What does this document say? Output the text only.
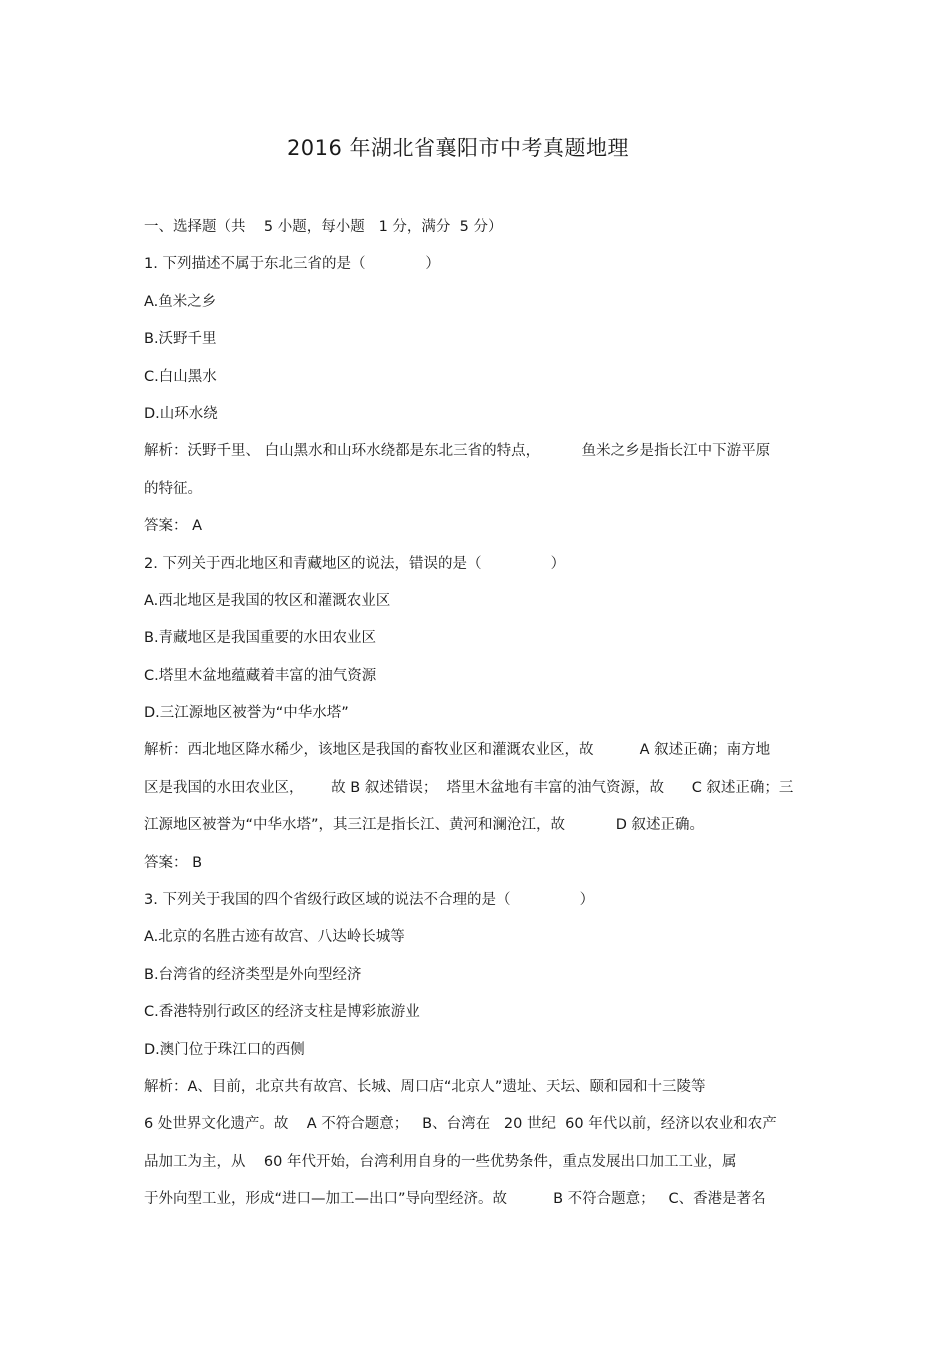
2016 年湖北省襄阳市中考真题地理
一、选择题（共    5 小题，每小题   1 分，满分  5 分）
1. 下列描述不属于东北三省的是（             ）
A.鱼米之乡
B.沃野千里
C.白山黑水
D.山环水绕
解析：沃野千里、 白山黑水和山环水绕都是东北三省的特点，         鱼米之乡是指长江中下游平原
的特征。
答案： A
2. 下列关于西北地区和青藏地区的说法，错误的是（               ）
A.西北地区是我国的牧区和灌溉农业区
B.青藏地区是我国重要的水田农业区
C.塔里木盆地蕴藏着丰富的油气资源
D.三江源地区被誉为“中华水塔”
解析：西北地区降水稀少，该地区是我国的畜牧业区和灌溉农业区，故          A 叙述正确；南方地
区是我国的水田农业区，      故 B 叙述错误；  塔里木盆地有丰富的油气资源，故      C 叙述正确；三
江源地区被誉为“中华水塔”，其三江是指长江、黄河和澜沧江，故           D 叙述正确。
答案： B
3. 下列关于我国的四个省级行政区域的说法不合理的是（               ）
A.北京的名胜古迹有故宫、八达岭长城等
B.台湾省的经济类型是外向型经济
C.香港特别行政区的经济支柱是博彩旅游业
D.澳门位于珠江口的西侧
解析：A、目前，北京共有故宫、长城、周口店“北京人”遗址、天坛、颐和园和十三陵等
6 处世界文化遗产。故    A 不符合题意；   B、台湾在   20 世纪  60 年代以前，经济以农业和农产
品加工为主，从    60 年代开始，台湾利用自身的一些优势条件，重点发展出口加工工业，属
于外向型工业，形成“进口—加工—出口”导向型经济。故          B 不符合题意；   C、香港是著名
